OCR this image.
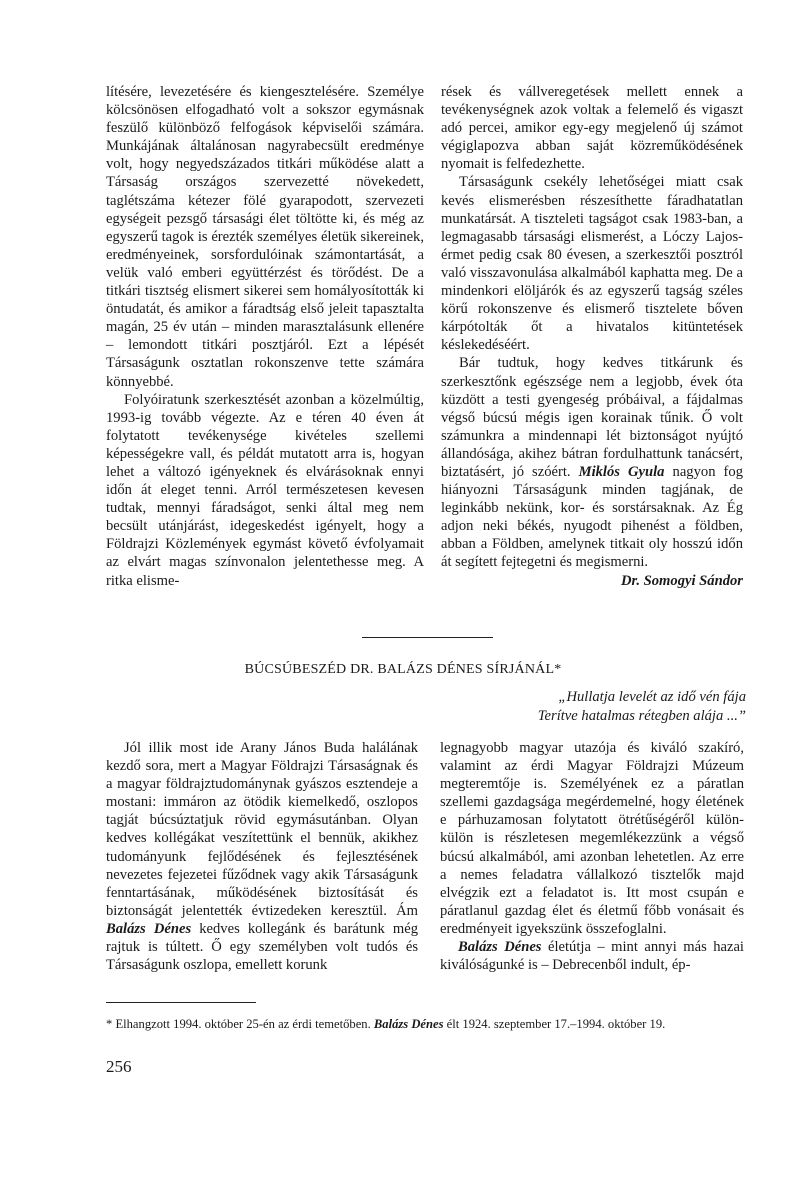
lítésére, levezetésére és kiengesztelésére. Személye kölcsönösen elfogadható volt a sokszor egymásnak feszülő különböző felfogások képviselői számára. Munkájának általánosan nagyrabecsült eredménye volt, hogy negyedszázados titkári működése alatt a Társaság országos szervezetté növekedett, taglétszáma kétezer fölé gyarapodott, szervezeti egységeit pezsgő társasági élet töltötte ki, és még az egyszerű tagok is érezték személyes életük sikereinek, eredményeinek, sorsfordulóinak számontartását, a velük való emberi együttérzést és törődést. De a titkári tisztség elismert sikerei sem homályosították ki öntudatát, és amikor a fáradtság első jeleit tapasztalta magán, 25 év után – minden marasztalásunk ellenére – lemondott titkári posztjáról. Ezt a lépését Társaságunk osztatlan rokonszenve tette számára könnyebbé.

Folyóiratunk szerkesztését azonban a közelmúltig, 1993-ig tovább végezte. Az e téren 40 éven át folytatott tevékenysége kivételes szellemi képességekre vall, és példát mutatott arra is, hogyan lehet a változó igényeknek és elvárásoknak ennyi időn át eleget tenni. Arról természetesen kevesen tudtak, mennyi fáradságot, senki által meg nem becsült utánjárást, idegeskedést igényelt, hogy a Földrajzi Közlemények egymást követő évfolyamait az elvárt magas színvonalon jelentethesse meg. A ritka elisme-

rések és vállveregetések mellett ennek a tevékenységnek azok voltak a felemelő és vigaszt adó percei, amikor egy-egy megjelenő új számot végiglapozva abban saját közreműködésének nyomait is felfedezhette.

Társaságunk csekély lehetőségei miatt csak kevés elismerésben részesíthette fáradhatatlan munkatársát. A tiszteleti tagságot csak 1983-ban, a legmagasabb társasági elismerést, a Lóczy Lajos-érmet pedig csak 80 évesen, a szerkesztői posztról való visszavonulása alkalmából kaphatta meg. De a mindenkori elöljárók és az egyszerű tagság széles körű rokonszenve és elismerő tisztelete bőven kárpótolták őt a hivatalos kitüntetések késlekedéséért.

Bár tudtuk, hogy kedves titkárunk és szerkesztőnk egészsége nem a legjobb, évek óta küzdött a testi gyengeség próbáival, a fájdalmas végső búcsú mégis igen korainak tűnik. Ő volt számunkra a mindennapi lét biztonságot nyújtó állandósága, akihez bátran fordulhattunk tanácsért, biztatásért, jó szóért. Miklós Gyula nagyon fog hiányozni Társaságunk minden tagjának, de leginkább nekünk, kor- és sorstársaknak. Az Ég adjon neki békés, nyugodt pihenést a földben, abban a Földben, amelynek titkait oly hosszú időn át segített fejtegetni és megismerni.

Dr. Somogyi Sándor

BÚCSÚBESZÉD DR. BALÁZS DÉNES SÍRJÁNÁL*
„Hullatja levelét az idő vén fája
Terítve hatalmas rétegben alája ...”

Jól illik most ide Arany János Buda halálának kezdő sora, mert a Magyar Földrajzi Társaságnak és a magyar földrajztudománynak gyászos esztendeje a mostani: immáron az ötödik kiemelkedő, oszlopos tagját búcsúztatjuk rövid egymásutánban. Olyan kedves kollégákat veszítettünk el bennük, akikhez tudományunk fejlődésének és fejlesztésének nevezetes fejezetei fűződnek vagy akik Társaságunk fenntartásának, működésének biztosítását és biztonságát jelentették évtizedeken keresztül. Ám Balázs Dénes kedves kollegánk és barátunk még rajtuk is túltett. Ő egy személyben volt tudós és Társaságunk oszlopa, emellett korunk

legnagyobb magyar utazója és kiváló szakíró, valamint az érdi Magyar Földrajzi Múzeum megteremtője is. Személyének ez a páratlan szellemi gazdagsága megérdemelné, hogy életének e párhuzamosan folytatott ötrétűségéről külön-külön is részletesen megemlékezzünk a végső búcsú alkalmából, ami azonban lehetetlen. Az erre a nemes feladatra vállalkozó tisztelők majd elvégzik ezt a feladatot is. Itt most csupán e páratlanul gazdag élet és életmű főbb vonásait és eredményeit igyekszünk összefoglalni.

Balázs Dénes életútja – mint annyi más hazai kiválóságunké is – Debrecenből indult, ép-

* Elhangzott 1994. október 25-én az érdi temetőben. Balázs Dénes élt 1924. szeptember 17.–1994. október 19.
256
